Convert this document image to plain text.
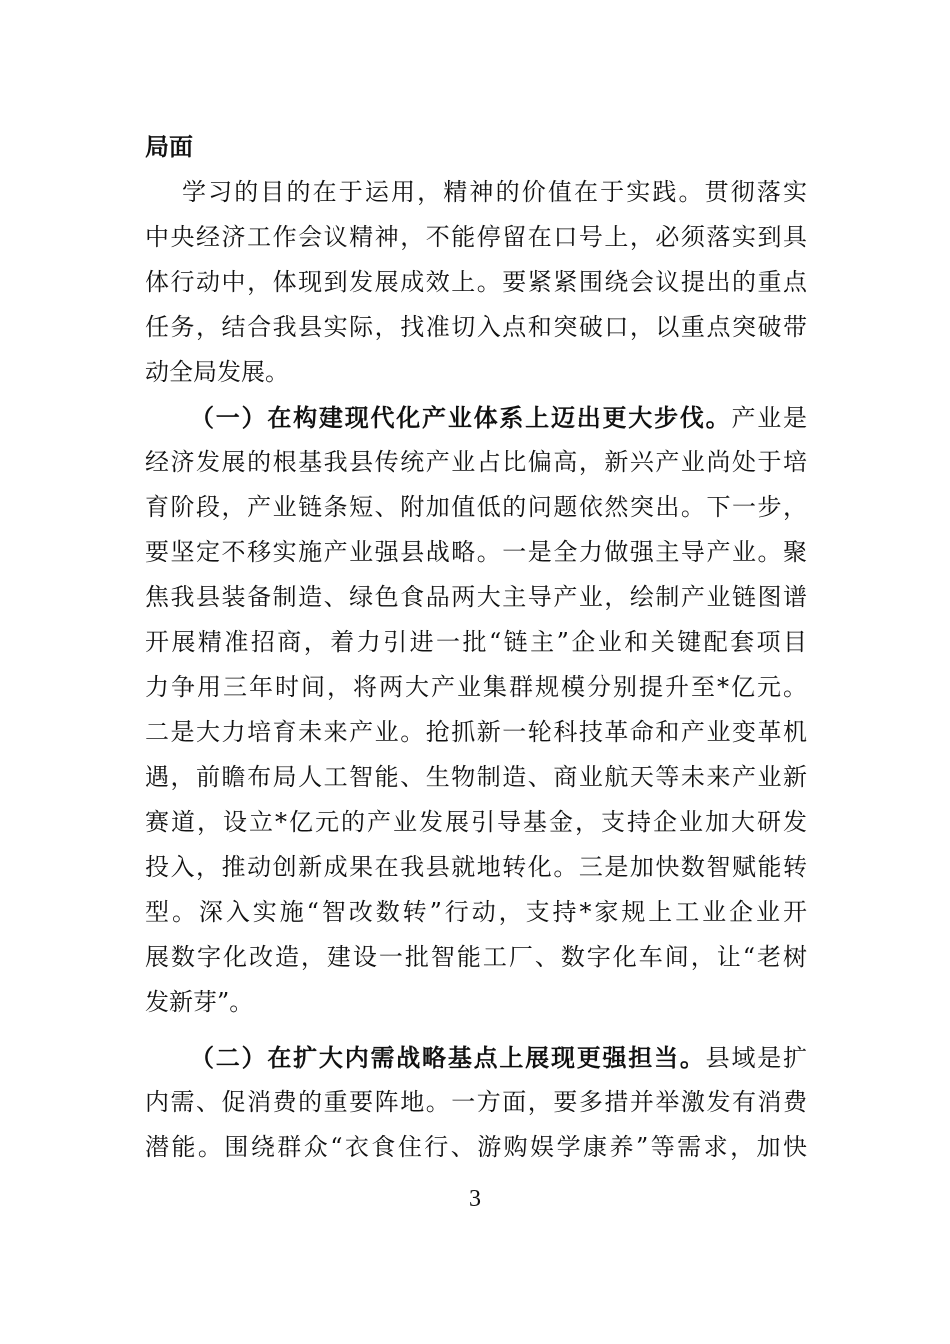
局面
学习的目的在于运用，精神的价值在于实践。贯彻落实
中央经济工作会议精神，不能停留在口号上，必须落实到具
体行动中，体现到发展成效上。要紧紧围绕会议提出的重点
任务，结合我县实际，找准切入点和突破口，以重点突破带
动全局发展。
（一）在构建现代化产业体系上迈出更大步伐。产业是
经济发展的根基我县传统产业占比偏高，新兴产业尚处于培
育阶段，产业链条短、附加值低的问题依然突出。下一步，
要坚定不移实施产业强县战略。一是全力做强主导产业。聚
焦我县装备制造、绿色食品两大主导产业，绘制产业链图谱
开展精准招商，着力引进一批“链主”企业和关键配套项目
力争用三年时间，将两大产业集群规模分别提升至*亿元。
二是大力培育未来产业。抢抓新一轮科技革命和产业变革机
遇，前瞻布局人工智能、生物制造、商业航天等未来产业新
赛道，设立*亿元的产业发展引导基金，支持企业加大研发
投入，推动创新成果在我县就地转化。三是加快数智赋能转
型。深入实施“智改数转”行动，支持*家规上工业企业开
展数字化改造，建设一批智能工厂、数字化车间，让“老树
发新芽”。
（二）在扩大内需战略基点上展现更强担当。县域是扩
内需、促消费的重要阵地。一方面，要多措并举激发有消费
潜能。围绕群众“衣食住行、游购娱学康养”等需求，加快
3
